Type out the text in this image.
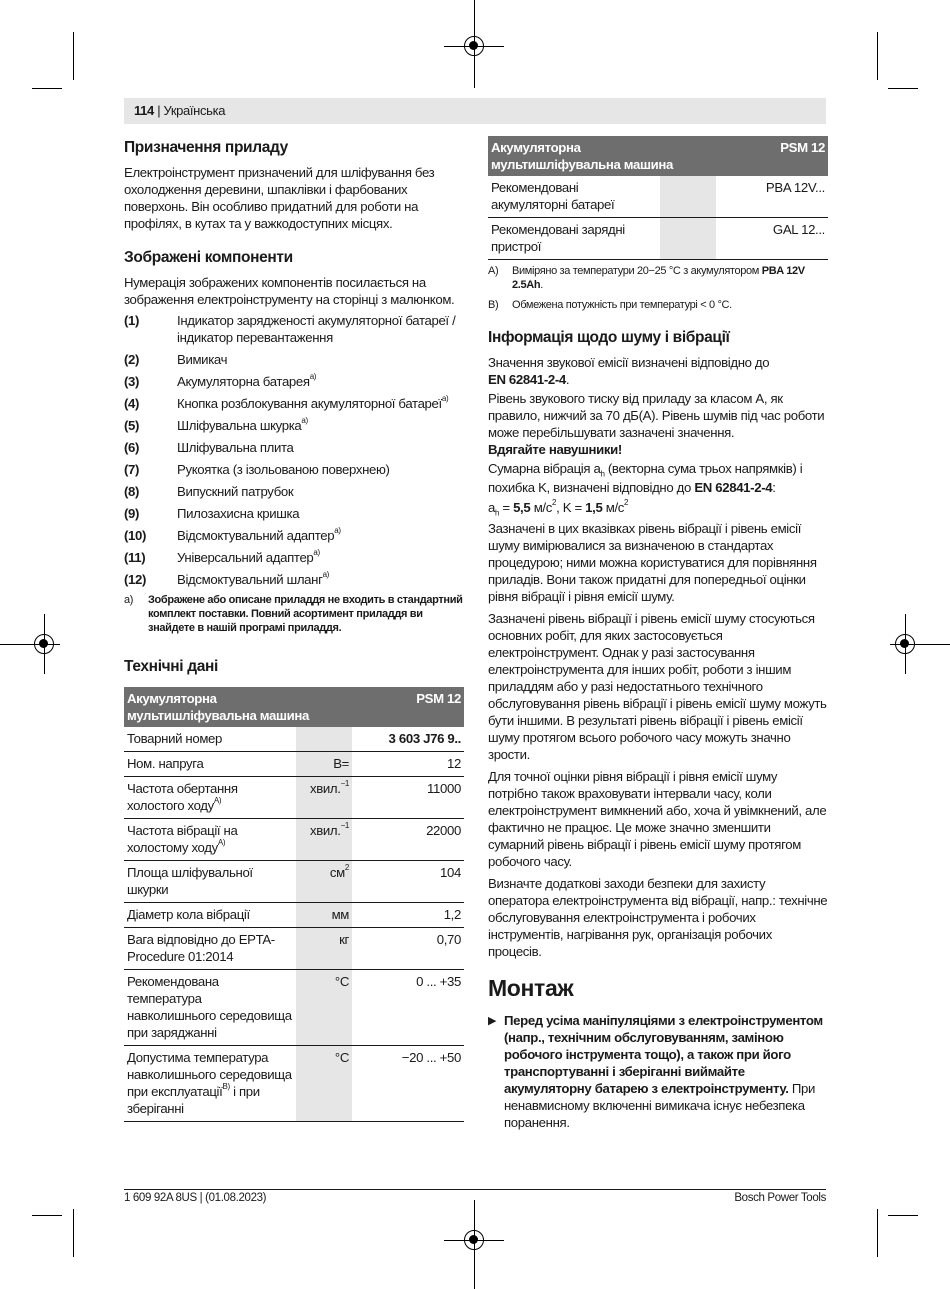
114 | Українська
Призначення приладу

Електроінструмент призначений для шліфування без охолодження деревини, шпаклівки і фарбованих поверхонь. Він особливо придатний для роботи на профілях, в кутах та у важкодоступних місцях.

Зображені компоненти

Нумерація зображених компонентів посилається на зображення електроінструменту на сторінці з малюнком.

(1)	Індикатор зарядженості акумуляторної батареї / індикатор перевантаження
(2)	Вимикач
(3)	Акумуляторна батарея$^{a)}$
(4)	Кнопка розблокування акумуляторної батареї$^{a)}$
(5)	Шліфувальна шкурка$^{a)}$
(6)	Шліфувальна плита
(7)	Рукоятка (з ізольованою поверхнею)
(8)	Випускний патрубок
(9)	Пилозахисна кришка
(10)	Відсмоктувальний адаптер$^{a)}$
(11)	Універсальний адаптер$^{a)}$
(12)	Відсмоктувальний шланг$^{a)}$
a)	Зображене або описане приладдя не входить в стандартний комплект поставки. Повний асортимент приладдя ви знайдете в нашій програмі приладдя.
Технічні дані
Акумуляторна мультишліфувальна машина		PSM 12
Товарний номер		3 603 J76 9..
Ном. напруга	В=	12
Частота обертання холостого ходу$^{A)}$	хвил.$^{-1}$	11000
Частота вібрації на холостому ходу$^{A)}$	хвил.$^{-1}$	22000
Площа шліфувальної шкурки	$см^2$	104
Діаметр кола вібрації	мм	1,2
Вага відповідно до EPTA-Procedure 01:2014	кг	0,70
Рекомендована температура навколишнього середовища при заряджанні	°C	0 ... +35
Допустима температура навколишнього середовища при експлуатації$^{B)}$ і при зберіганні	°C	−20 ... +50
Акумуляторна мультишліфувальна машина		PSM 12
Рекомендовані акумуляторні батареї		PBA 12V...
Рекомендовані зарядні пристрої		GAL 12...
A)	Виміряно за температури 20−25 °C з акумулятором PBA 12V 2.5Ah.
B)	Обмежена потужність при температурі < 0 °C.
Інформація щодо шуму і вібрації

Значення звукової емісії визначені відповідно до
EN 62841-2-4.

Рівень звукового тиску від приладу за класом A, як правило, нижчий за 70 дБ(A). Рівень шумів під час роботи може перебільшувати зазначені значення.
Вдягайте навушники!

Сумарна вібрація $a_h$ (векторна сума трьох напрямків) і похибка K, визначені відповідно до EN 62841-2-4:

$a_h = 5,5$ $м/с^2$, K = 1,5 $м/с^2$

Зазначені в цих вказівках рівень вібрації і рівень емісії шуму вимірювалися за визначеною в стандартах процедурою; ними можна користуватися для порівняння приладів. Вони також придатні для попередньої оцінки рівня вібрації і рівня емісії шуму.

Зазначені рівень вібрації і рівень емісії шуму стосуються основних робіт, для яких застосовується електроінструмент. Однак у разі застосування електроінструмента для інших робіт, роботи з іншим приладдям або у разі недостатнього технічного обслуговування рівень вібрації і рівень емісії шуму можуть бути іншими. В результаті рівень вібрації і рівень емісії шуму протягом всього робочого часу можуть значно зрости.

Для точної оцінки рівня вібрації і рівня емісії шуму потрібно також враховувати інтервали часу, коли електроінструмент вимкнений або, хоча й увімкнений, але фактично не працює. Це може значно зменшити сумарний рівень вібрації і рівень емісії шуму протягом робочого часу.

Визначте додаткові заходи безпеки для захисту оператора електроінструмента від вібрації, напр.: технічне обслуговування електроінструмента і робочих інструментів, нагрівання рук, організація робочих процесів.

Монтаж
▶ Перед усіма маніпуляціями з електроінструментом (напр., технічним обслуговуванням, заміною робочого інструмента тощо), а також при його транспортуванні і зберіганні виймайте акумуляторну батарею з електроінструменту. При ненавмисному включенні вимикача існує небезпека поранення.
1 609 92A 8US | (01.08.2023)	Bosch Power Tools
